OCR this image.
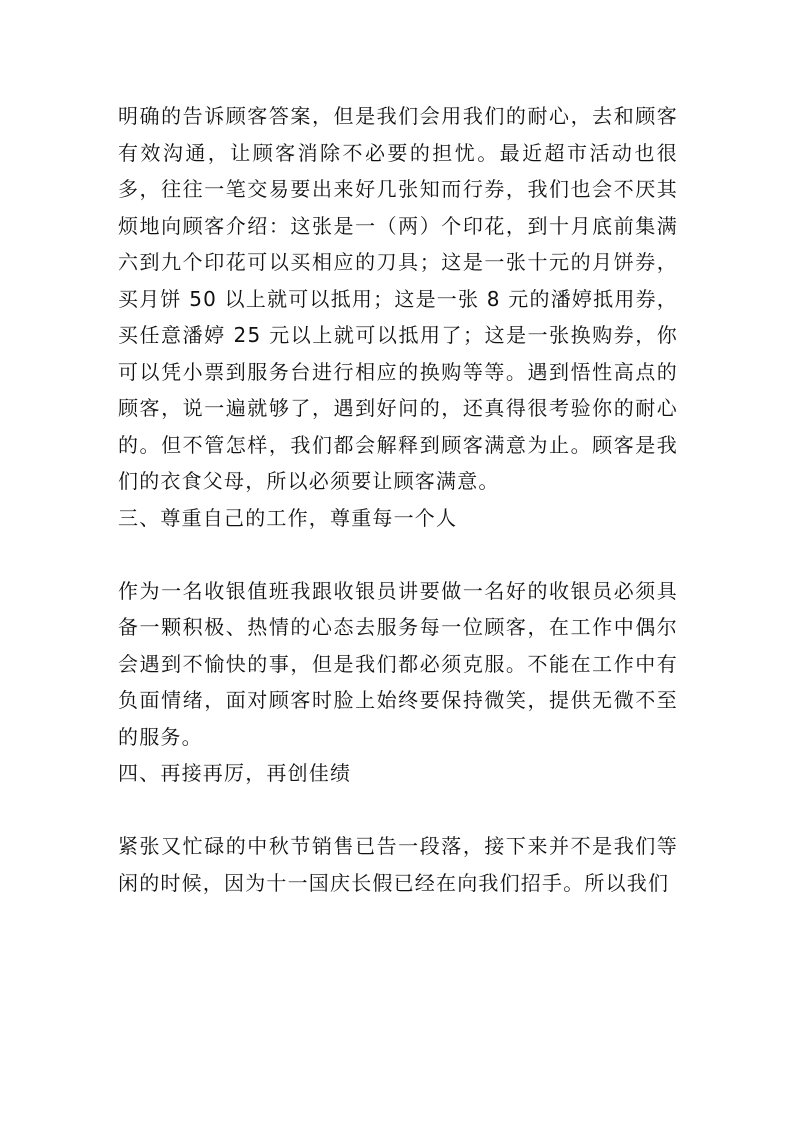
明确的告诉顾客答案，但是我们会用我们的耐心，去和顾客有效沟通，让顾客消除不必要的担忧。最近超市活动也很多，往往一笔交易要出来好几张知而行券，我们也会不厌其烦地向顾客介绍：这张是一（两）个印花，到十月底前集满六到九个印花可以买相应的刀具；这是一张十元的月饼券，买月饼 50 以上就可以抵用；这是一张 8 元的潘婷抵用券，买任意潘婷 25 元以上就可以抵用了；这是一张换购券，你可以凭小票到服务台进行相应的换购等等。遇到悟性高点的顾客，说一遍就够了，遇到好问的，还真得很考验你的耐心的。但不管怎样，我们都会解释到顾客满意为止。顾客是我们的衣食父母，所以必须要让顾客满意。

三、尊重自己的工作，尊重每一个人

作为一名收银值班我跟收银员讲要做一名好的收银员必须具备一颗积极、热情的心态去服务每一位顾客，在工作中偶尔会遇到不愉快的事，但是我们都必须克服。不能在工作中有负面情绪，面对顾客时脸上始终要保持微笑，提供无微不至的服务。

四、再接再厉，再创佳绩

紧张又忙碌的中秋节销售已告一段落，接下来并不是我们等闲的时候，因为十一国庆长假已经在向我们招手。所以我们
